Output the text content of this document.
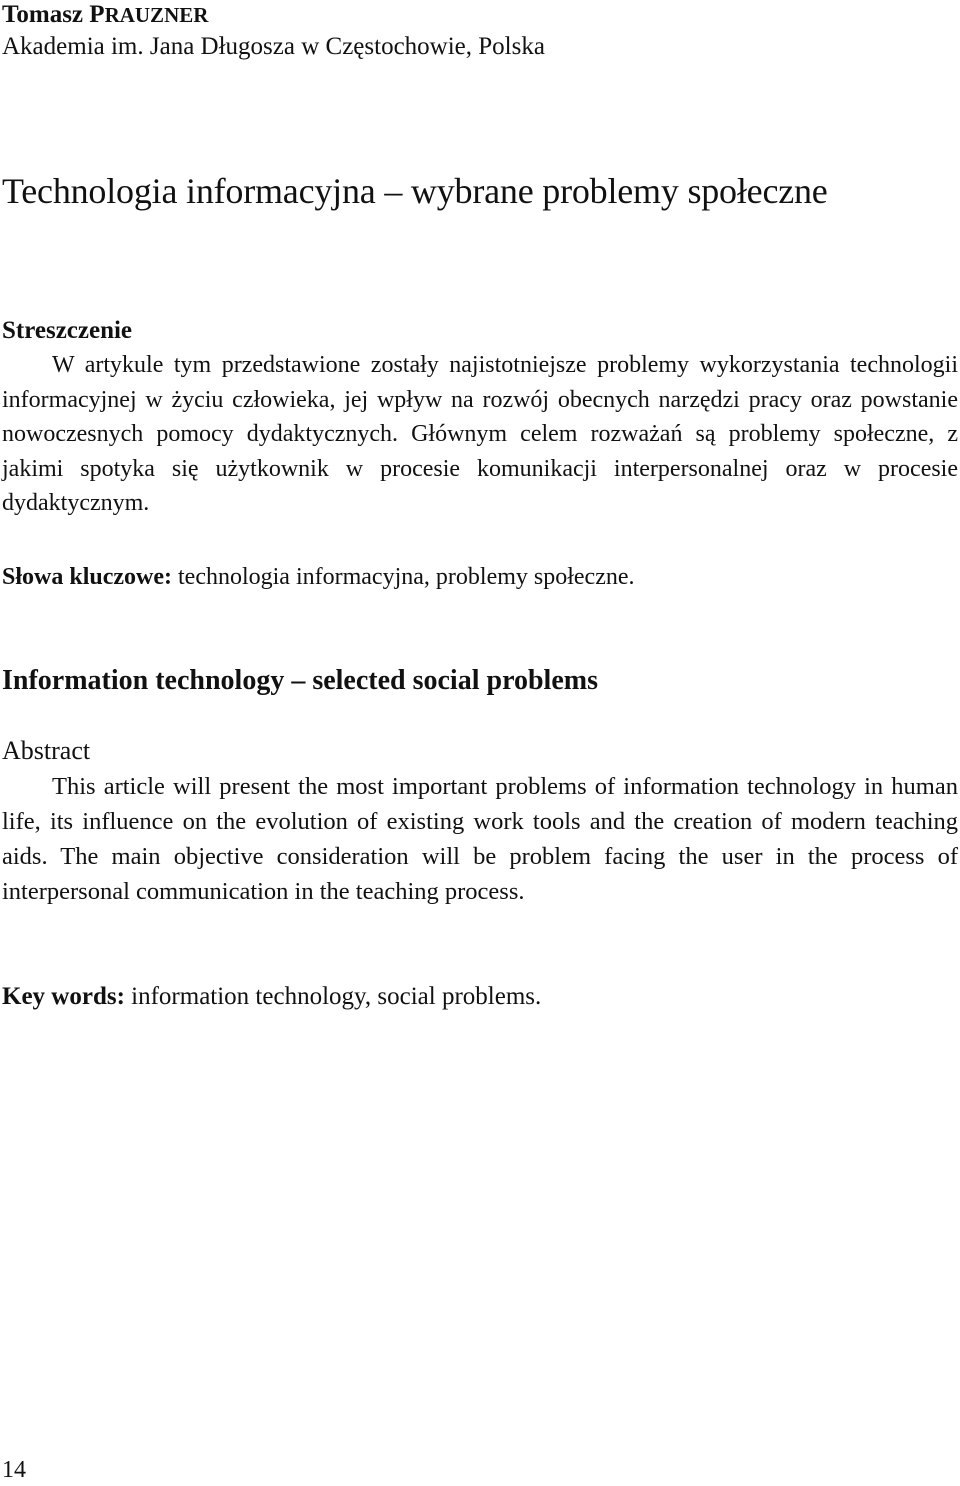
Tomasz PRAUZNER
Akademia im. Jana Długosza w Częstochowie, Polska
Technologia informacyjna – wybrane problemy społeczne
Streszczenie
W artykule tym przedstawione zostały najistotniejsze problemy wykorzystania technologii informacyjnej w życiu człowieka, jej wpływ na rozwój obecnych narzędzi pracy oraz powstanie nowoczesnych pomocy dydaktycznych. Głównym celem rozważań są problemy społeczne, z jakimi spotyka się użytkownik w procesie komunikacji interpersonalnej oraz w procesie dydaktycznym.
Słowa kluczowe: technologia informacyjna, problemy społeczne.
Information technology – selected social problems
Abstract
This article will present the most important problems of information technology in human life, its influence on the evolution of existing work tools and the creation of modern teaching aids. The main objective consideration will be problem facing the user in the process of interpersonal communication in the teaching process.
Key words: information technology, social problems.
14
